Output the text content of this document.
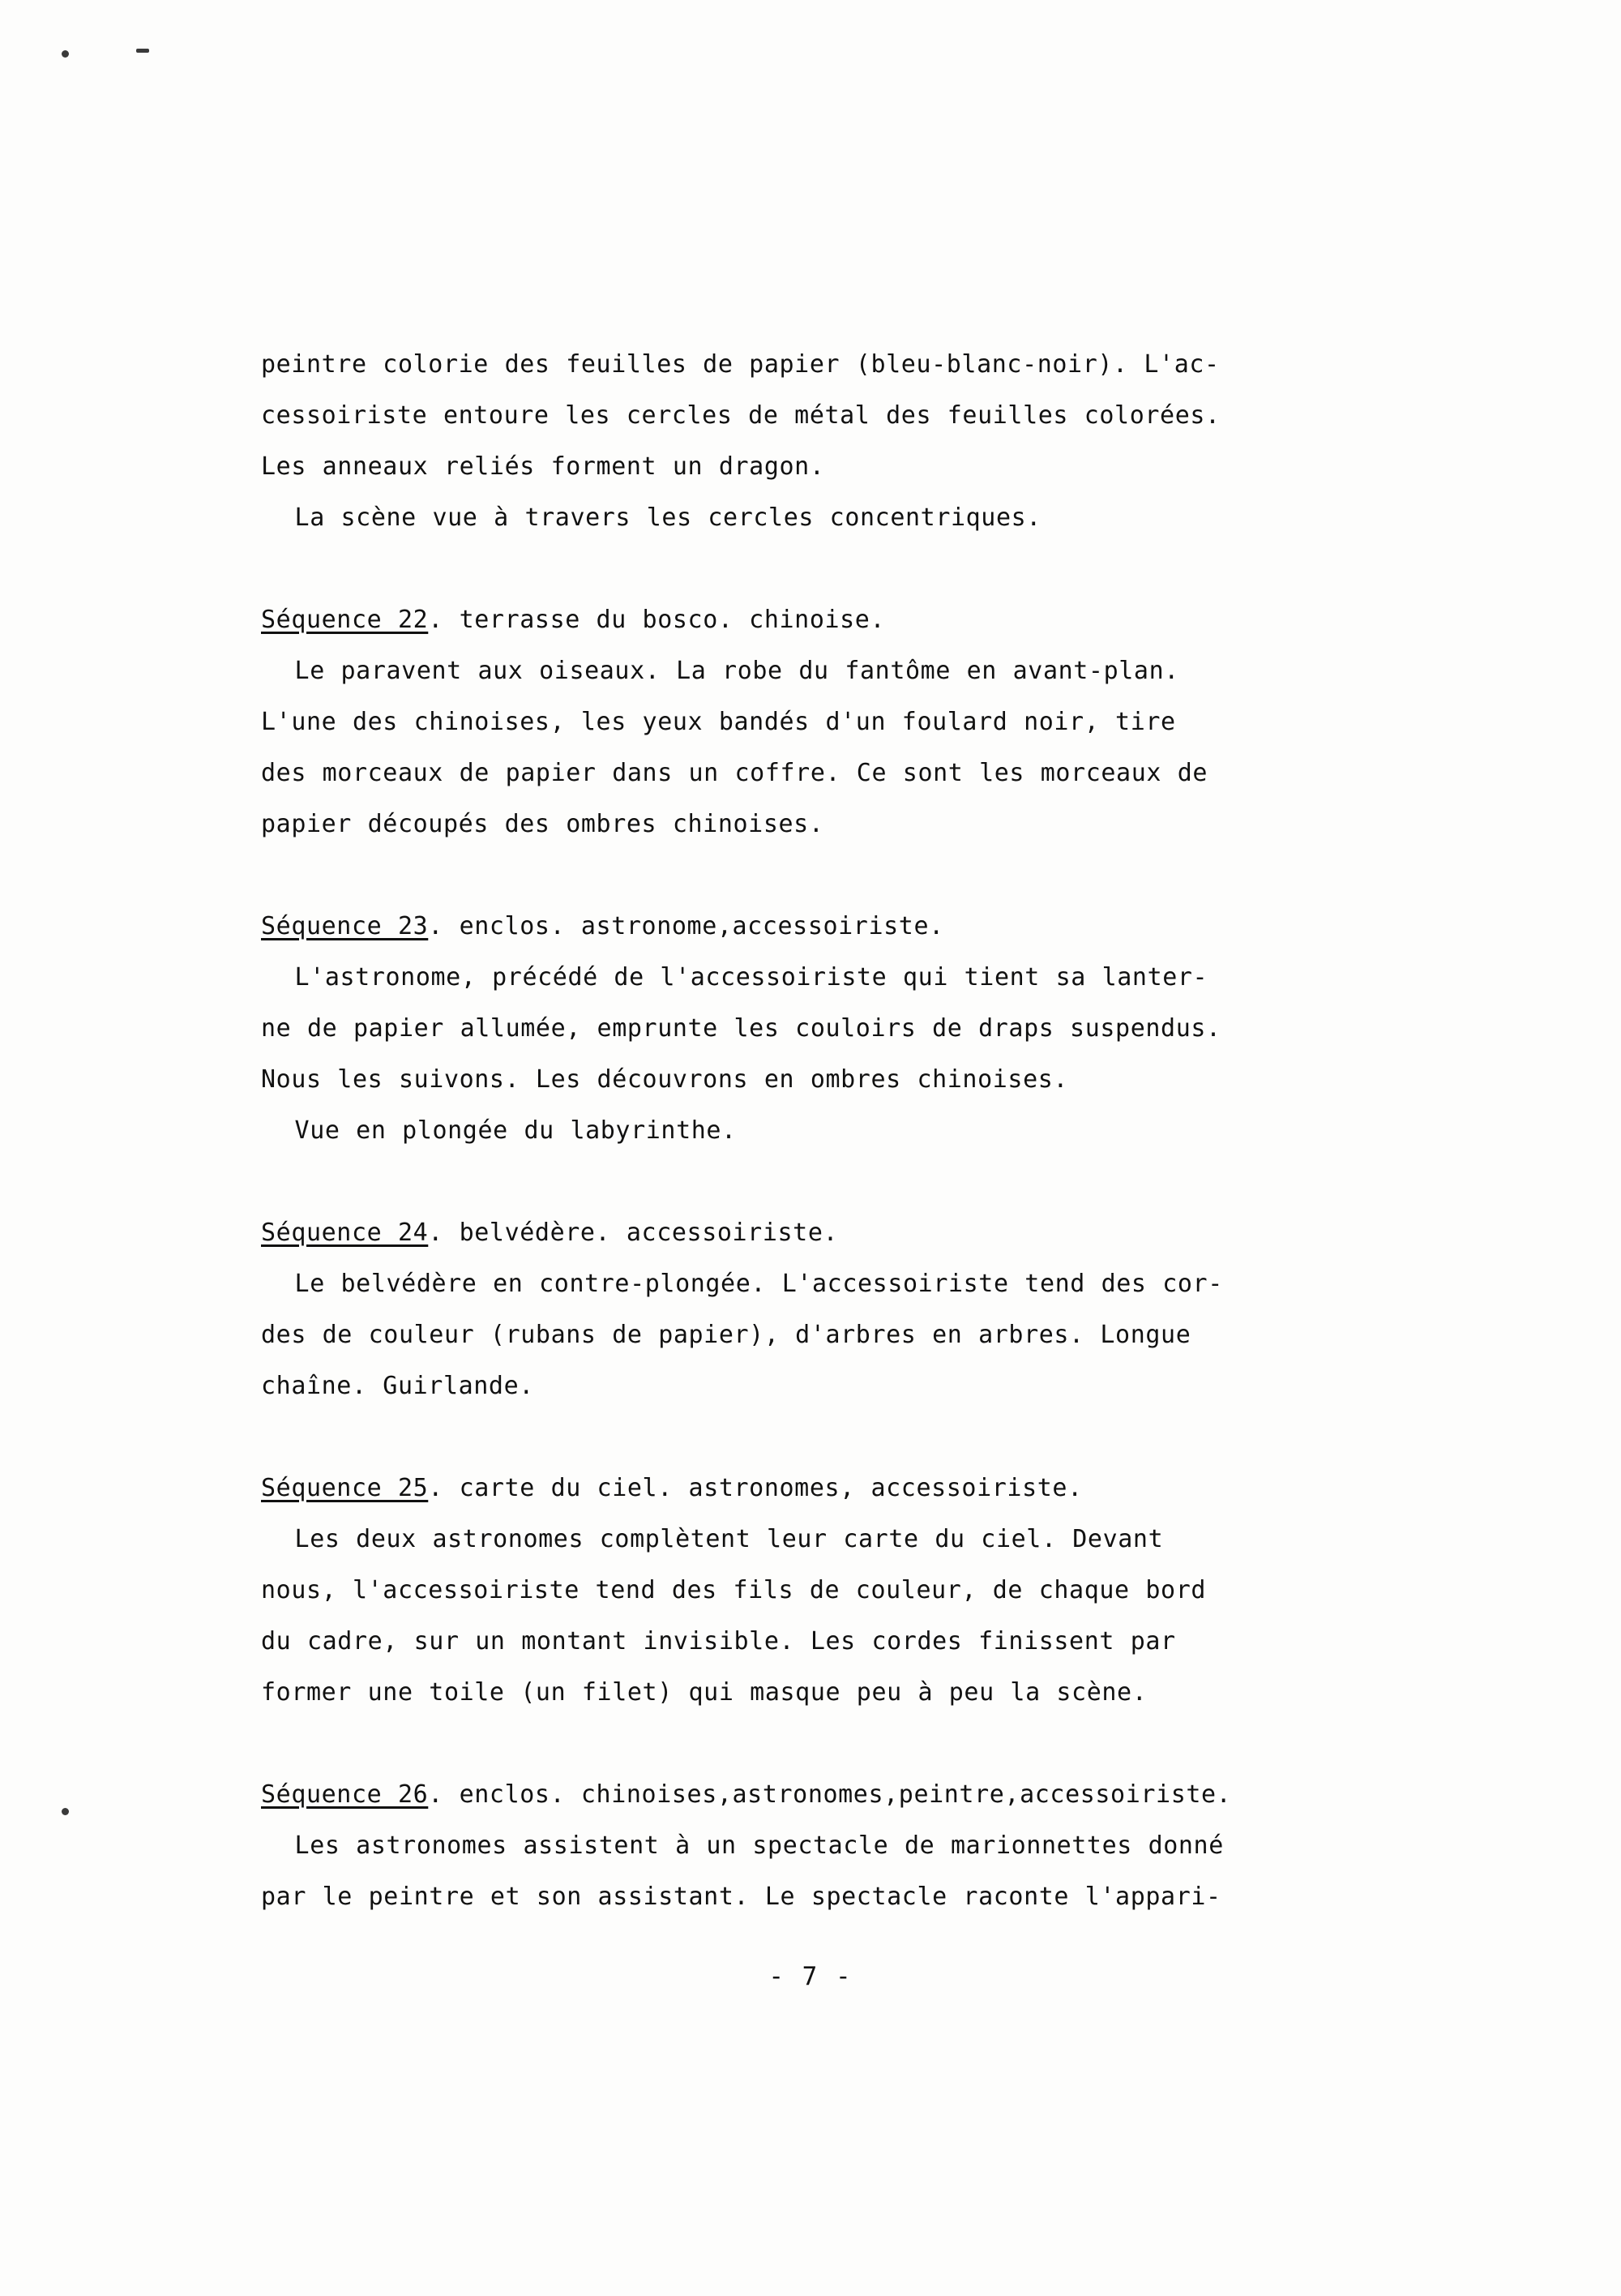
peintre colorie des feuilles de papier (bleu-blanc-noir). L'ac-
cessoiriste entoure les cercles de métal des feuilles colorées.
Les anneaux reliés forment un dragon.
La scène vue à travers les cercles concentriques.
Séquence 22. terrasse du bosco. chinoise.
Le paravent aux oiseaux. La robe du fantôme en avant-plan.
L'une des chinoises, les yeux bandés d'un foulard noir, tire
des morceaux de papier dans un coffre. Ce sont les morceaux de
papier découpés des ombres chinoises.
Séquence 23. enclos. astronome,accessoiriste.
L'astronome, précédé de l'accessoiriste qui tient sa lanter-
ne de papier allumée, emprunte les couloirs de draps suspendus.
Nous les suivons. Les découvrons en ombres chinoises.
Vue en plongée du labyrinthe.
Séquence 24. belvédère. accessoiriste.
Le belvédère en contre-plongée. L'accessoiriste tend des cor-
des de couleur (rubans de papier), d'arbres en arbres. Longue
chaîne. Guirlande.
Séquence 25. carte du ciel. astronomes, accessoiriste.
Les deux astronomes complètent leur carte du ciel. Devant
nous, l'accessoiriste tend des fils de couleur, de chaque bord
du cadre, sur un montant invisible. Les cordes finissent par
former une toile (un filet) qui masque peu à peu la scène.
Séquence 26. enclos. chinoises,astronomes,peintre,accessoiriste.
Les astronomes assistent à un spectacle de marionnettes donné
par le peintre et son assistant. Le spectacle raconte l'appari-
- 7 -
